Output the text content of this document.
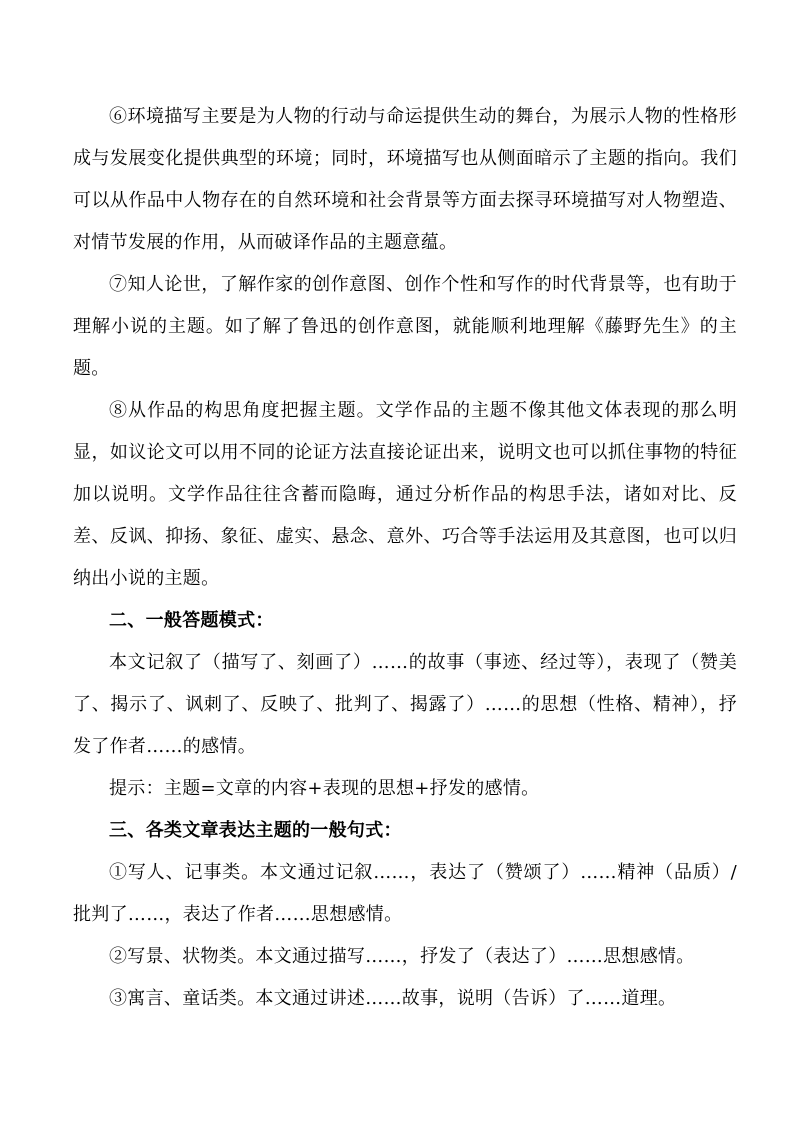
⑥环境描写主要是为人物的行动与命运提供生动的舞台，为展示人物的性格形成与发展变化提供典型的环境；同时，环境描写也从侧面暗示了主题的指向。我们可以从作品中人物存在的自然环境和社会背景等方面去探寻环境描写对人物塑造、对情节发展的作用，从而破译作品的主题意蕴。

⑦知人论世，了解作家的创作意图、创作个性和写作的时代背景等，也有助于理解小说的主题。如了解了鲁迅的创作意图，就能顺利地理解《藤野先生》的主题。

⑧从作品的构思角度把握主题。文学作品的主题不像其他文体表现的那么明显，如议论文可以用不同的论证方法直接论证出来，说明文也可以抓住事物的特征加以说明。文学作品往往含蓄而隐晦，通过分析作品的构思手法，诸如对比、反差、反讽、抑扬、象征、虚实、悬念、意外、巧合等手法运用及其意图，也可以归纳出小说的主题。

二、一般答题模式：

本文记叙了（描写了、刻画了）……的故事（事迹、经过等），表现了（赞美了、揭示了、讽刺了、反映了、批判了、揭露了）……的思想（性格、精神），抒发了作者……的感情。

提示：主题=文章的内容+表现的思想+抒发的感情。

三、各类文章表达主题的一般句式：

①写人、记事类。本文通过记叙……，表达了（赞颂了）……精神（品质）/批判了……，表达了作者……思想感情。

②写景、状物类。本文通过描写……，抒发了（表达了）……思想感情。

③寓言、童话类。本文通过讲述……故事，说明（告诉）了……道理。
